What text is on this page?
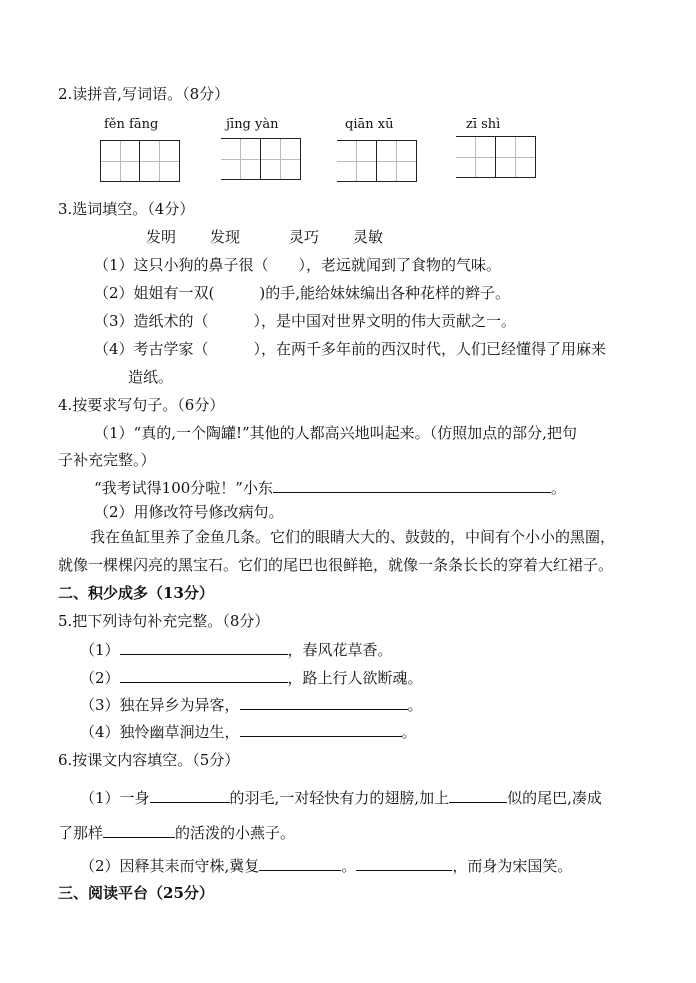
2.读拼音,写词语。（8分）
fěn fāng	jīng yàn	qiān xū	zī shì
3.选词填空。（4分）
发明 发现	灵巧 灵敏
（1）这只小狗的鼻子很（　　），老远就闻到了食物的气味。
（2）姐姐有一双(　　　)的手,能给妹妹编出各种花样的辫子。
（3）造纸术的（　　　），是中国对世界文明的伟大贡献之一。
（4）考古学家（　　　），在两千多年前的西汉时代，人们已经懂得了用麻来
造纸。
4.按要求写句子。（6分）
（1）“真的,一个陶罐!”其他的人都高兴地叫起来。（仿照加点的部分,把句
子补充完整。）
“我考试得100分啦！”小东	。
（2）用修改符号修改病句。
我在鱼缸里养了金鱼几条。它们的眼睛大大的、鼓鼓的，中间有个小小的黑圈，
就像一棵棵闪亮的黑宝石。它们的尾巴也很鲜艳，就像一条条长长的穿着大红裙子。
二、积少成多（13分）
5.把下列诗句补充完整。（8分）
（1）	，春风花草香。
（2）	，路上行人欲断魂。
（3）独在异乡为异客，	。
（4）独怜幽草涧边生，	。
6.按课文内容填空。（5分）
（1）一身	的羽毛,一对轻快有力的翅膀,加上	似的尾巴,凑成
了那样	的活泼的小燕子。
（2）因释其耒而守株,冀复	。	，而身为宋国笑。
三、阅读平台（25分）
